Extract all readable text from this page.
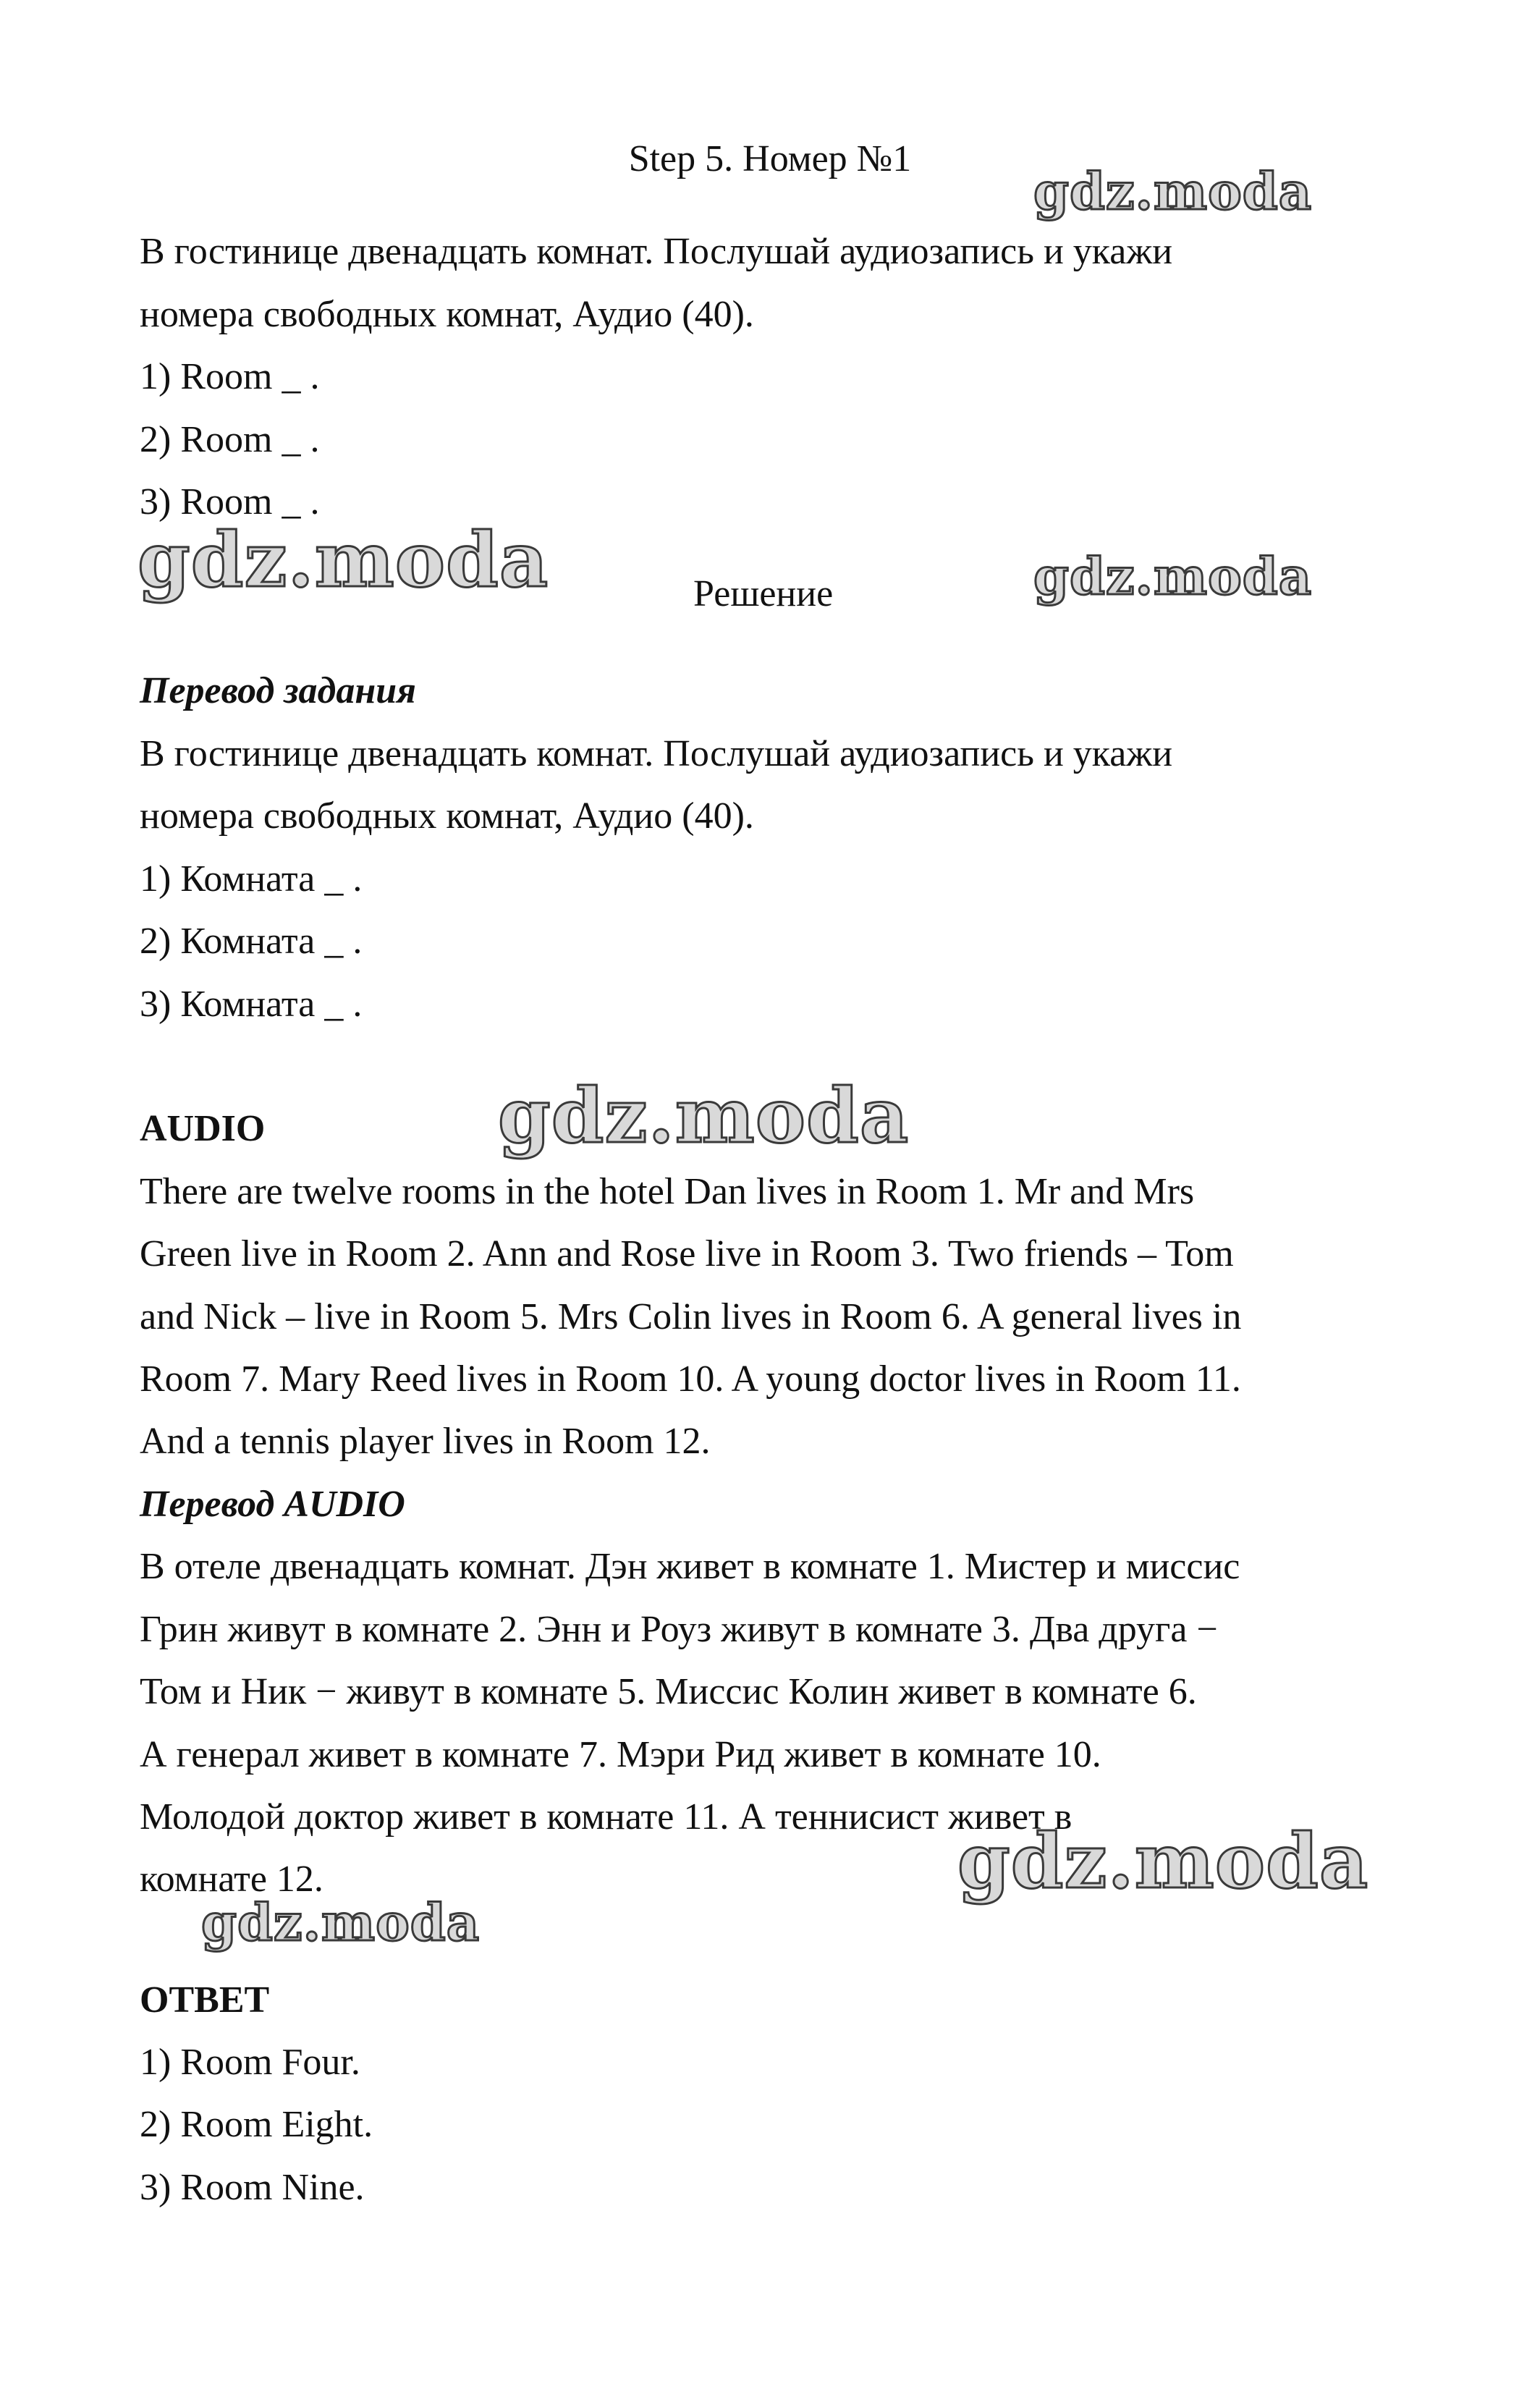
Step 5. Номер №1
В гостинице двенадцать комнат. Послушай аудиозапись и укажи
номера свободных комнат, Аудио (40).
1) Room _ .
2) Room _ .
3) Room _ .
Решение
Перевод задания
В гостинице двенадцать комнат. Послушай аудиозапись и укажи
номера свободных комнат, Аудио (40).
1) Комната _ .
2) Комната _ .
3) Комната _ .
AUDIO
There are twelve rooms in the hotel Dan lives in Room 1. Mr and Mrs
Green live in Room 2. Ann and Rose live in Room 3. Two friends – Tom
and Nick – live in Room 5. Mrs Colin lives in Room 6. A general lives in
Room 7. Mary Reed lives in Room 10. A young doctor lives in Room 11.
And a tennis player lives in Room 12.
Перевод AUDIO
В отеле двенадцать комнат. Дэн живет в комнате 1. Мистер и миссис
Грин живут в комнате 2. Энн и Роуз живут в комнате 3. Два друга −
Том и Ник − живут в комнате 5. Миссис Колин живет в комнате 6.
А генерал живет в комнате 7. Мэри Рид живет в комнате 10.
Молодой доктор живет в комнате 11. А теннисист живет в
комнате 12.
ОТВЕТ
1) Room Four.
2) Room Eight.
3) Room Nine.
gdz.moda
gdz.moda	gdz.moda
gdz.moda
gdz.moda
gdz.moda
